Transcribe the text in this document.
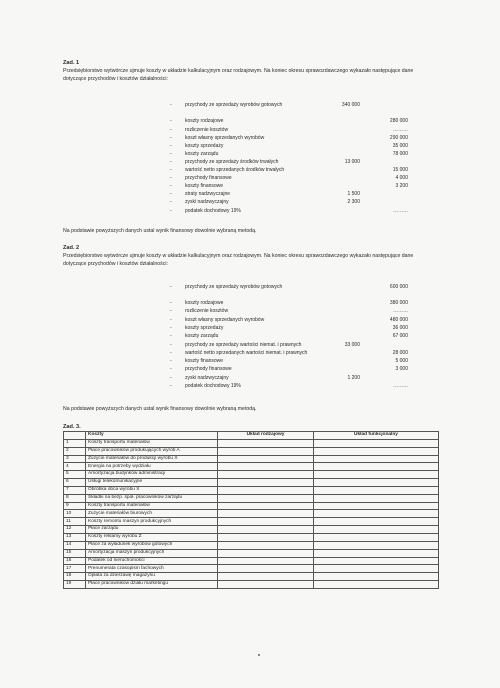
Zad. 1
Przedsiębiorstwo wytwórcze ujmuje koszty w układzie kalkulacyjnym oraz rodzajowym. Na koniec okresu sprawozdawczego wykazało następujące dane dotyczące przychodów i kosztów działalności:
-	przychody ze sprzedaży wyrobów gotowych	340 000
-	koszty rodzajowe	280 000
-	rozliczenie kosztów	………
-	koszt własny sprzedanych wyrobów	290 000
-	koszty sprzedaży	35 000
-	koszty zarządu	78 000
-	przychody ze sprzedaży środków trwałych	13 000
-	wartość netto sprzedanych środków trwałych	15 000
-	przychody finansowe	4 000
-	koszty finansowe	3 200
-	straty nadzwyczajne	1 500
-	zyski nadzwyczajny	2 300
-	podatek dochodowy 19%	………
Na podstawie powyższych danych ustal wynik finansowy dowolnie wybraną metodą.
Zad. 2
Przedsiębiorstwo wytwórcze ujmuje koszty w układzie kalkulacyjnym oraz rodzajowym. Na koniec okresu sprawozdawczego wykazało następujące dane dotyczące przychodów i kosztów działalności:
-	przychody ze sprzedaży wyrobów gotowych	600 000
-	koszty rodzajowe	380 000
-	rozliczenie kosztów	………
-	koszt własny sprzedanych wyrobów	480 000
-	koszty sprzedaży	36 000
-	koszty zarządu	67 000
-	przychody ze sprzedaży wartości niemat. i prawnych	33 000
-	wartość netto sprzedanych wartości niemat. i prawnych	28 000
-	koszty finansowe	5 000
-	przychody finansowe	3 000
-	zyski nadzwyczajny	1 200
-	podatek dochodowy 19%	………
Na podstawie powyższych danych ustal wynik finansowy dowolnie wybraną metodą.
Zad. 3.
	Koszty	Układ rodzajowy	Układ funkcjonalny
1	Koszty transportu materiałów		
2	Płace pracowników produkujących wyrób A		
3	Zużycie materiałów do produkcji wyrobu X		
4	Energia na potrzeby wydziału		
5	Amortyzacja budynków administracji		
6	Usługi telekomunikacyjne		
7	Obróbka obca wyrobu X		
8	Składki na bezp. społ. pracowników zarządu		
9	Koszty transportu materiałów		
10	Zużycie materiałów biurowych		
11	Koszty remontu maszyn produkcyjnych		
12	Płace zarządu		
13	Koszty reklamy wyrobu Z		
14	Płace za wyładunek wyrobów gotowych		
15	Amortyzacja maszyn produkcyjnych		
16	Podatek od nieruchomości		
17	Prenumerata czasopism fachowych		
18	Opłata za dzierżawę magazynu		
19	Płace pracowników działu marketingu		
